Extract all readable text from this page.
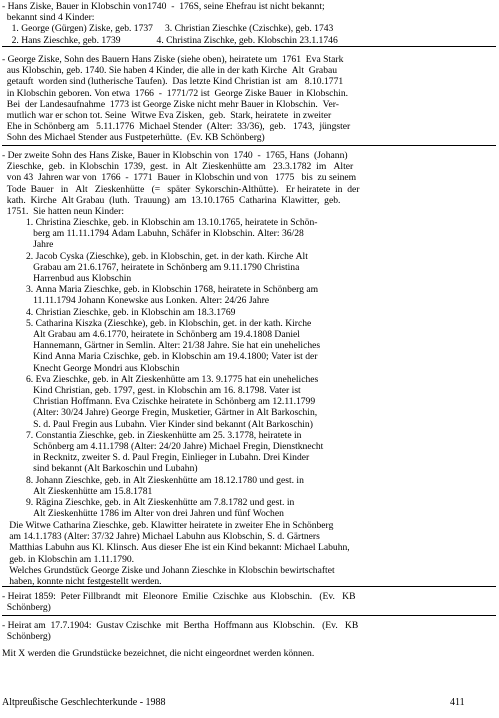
- Hans Ziske, Bauer in Klobschin von1740  -  176S, seine Ehefrau ist nicht bekannt;
bekannt sind 4 Kinder:
1. George (Gürgen) Ziske, geb. 1737     3. Christian Zieschke (Czischke), geb. 1743
2. Hans Zieschke, geb. 1739               4. Christina Zischke, geb. Klobschin 23.1.1746
- George Ziske, Sohn des Bauern Hans Ziske (siehe oben), heiratete um  1761  Eva Stark
aus Klobschin, geb. 1740. Sie haben 4 Kinder, die alle in der kath Kirche  Alt  Grabau
getauft  worden sind (lutherische Taufen).  Das letzte Kind Christian ist  am   8.10.1771
in Klobschin geboren. Von etwa  1766  -  1771/72 ist  George Ziske Bauer  in Klobschin.
Bei  der Landesaufnahme  1773 ist George Ziske nicht mehr Bauer in Klobschin.  Ver-
mutlich war er schon tot. Seine  Witwe Eva Zisken,  geb.  Stark, heiratete  in zweiter
Ehe in Schönberg am   5.11.1776  Michael Stender  (Alter:  33/36),  geb.   1743,  jüngster
Sohn des Michael Stender aus Fustpeterhütte.  (Ev. KB Schönberg)
- Der zweite Sohn des Hans Ziske, Bauer in Klobschin von  1740  -  1765, Hans  (Johann)
Zieschke,  geb.  in Klobschin  1739,  gest.  in  Alt  Zieskenhütte am   23.3.1782  im   Alter
von 43  Jahren war von  1766  -  1771  Bauer  in Klobschin und von   1775   bis  zu seinem
Tode  Bauer   in   Alt   Zieskenhütte   (=   später  Sykorschin-Althütte).   Er heiratete  in  der
kath.  Kirche  Alt Grabau  (luth.  Trauung)  am  13.10.1765  Catharina  Klawitter,  geb.
1751.  Sie hatten neun Kinder:
1. Christina Zieschke, geb. in Klobschin am 13.10.1765, heiratete in Schön-
berg am 11.11.1794 Adam Labuhn, Schäfer in Klobschin. Alter: 36/28
Jahre
2. Jacob Cyska (Zieschke), geb. in Klobschin, get. in der kath. Kirche Alt
Grabau am 21.6.1767, heiratete in Schönberg am 9.11.1790 Christina
Harrenbud aus Klobschin
3. Anna Maria Zieschke, geb. in Klobschin 1768, heiratete in Schönberg am
11.11.1794 Johann Konewske aus Lonken. Alter: 24/26 Jahre
4. Christian Zieschke, geb. in Klobschin am 18.3.1769
5. Catharina Kiszka (Zieschke), geb. in Klobschin, get. in der kath. Kirche
Alt Grabau am 4.6.1770, heiratete in Schönberg am 19.4.1808 Daniel
Hannemann, Gärtner in Semlin. Alter: 21/38 Jahre. Sie hat ein uneheliches
Kind Anna Maria Czischke, geb. in Klobschin am 19.4.1800; Vater ist der
Knecht George Mondri aus Klobschin
6. Eva Zieschke, geb. in Alt Zieskenhütte am 13. 9.1775 hat ein uneheliches
Kind Christian, geb. 1797, gest. in Klobschin am 16. 8.1798. Vater ist
Christian Hoffmann. Eva Czischke heiratete in Schönberg am 12.11.1799
(Alter: 30/24 Jahre) George Fregin, Musketier, Gärtner in Alt Barkoschin,
S. d. Paul Fregin aus Lubahn. Vier Kinder sind bekannt (Alt Barkoschin)
7. Constantia Zieschke, geb. in Zieskenhütte am 25. 3.1778, heiratete in
Schönberg am 4.11.1798 (Alter: 24/20 Jahre) Michael Fregin, Dienstknecht
in Recknitz, zweiter S. d. Paul Fregin, Einlieger in Lubahn. Drei Kinder
sind bekannt (Alt Barkoschin und Lubahn)
8. Johann Zieschke, geb. in Alt Zieskenhütte am 18.12.1780 und gest. in
Alt Zieskenhütte am 15.8.1781
9. Rägina Zieschke, geb. in Alt Zieskenhütte am 7.8.1782 und gest. in
Alt Zieskenhütte 1786 im Alter von drei Jahren und fünf Wochen
Die Witwe Catharina Zieschke, geb. Klawitter heiratete in zweiter Ehe in Schönberg
am 14.1.1783 (Alter: 37/32 Jahre) Michael Labuhn aus Klobschin, S. d. Gärtners
Matthias Labuhn aus Kl. Klinsch. Aus dieser Ehe ist ein Kind bekannt: Michael Labuhn,
geb. in Klobschin am 1.11.1790.
Welches Grundstück George Ziske und Johann Zieschke in Klobschin bewirtschaftet
haben, konnte nicht festgestellt werden.
- Heirat 1859:  Peter Fillbrandt  mit  Eleonore  Emilie  Czischke  aus  Klobschin.   (Ev.   KB
Schönberg)
- Heirat am  17.7.1904:  Gustav Czischke  mit  Bertha  Hoffmann aus  Klobschin.   (Ev.   KB
Schönberg)
Mit X werden die Grundstücke bezeichnet, die nicht eingeordnet werden können.
Altpreußische Geschlechterkunde - 1988	411
